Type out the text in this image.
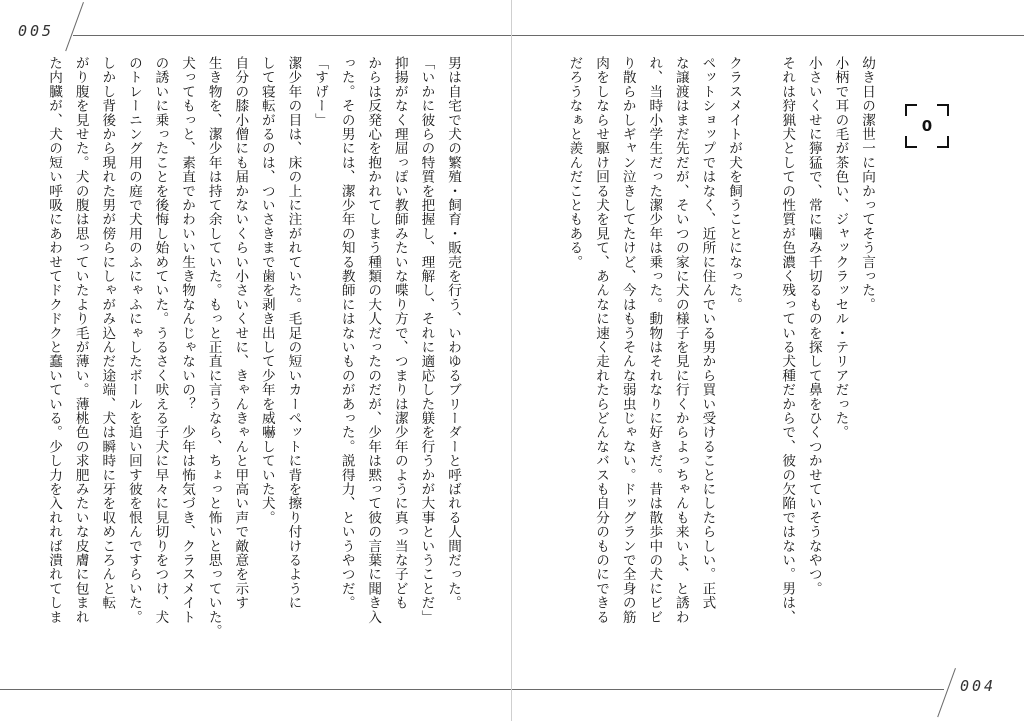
005
004
0

男は自宅で犬の繁殖・飼育・販売を行う、いわゆるブリーダーと呼ばれる人間だった。

「いかに彼らの特質を把握し、理解し、それに適応した躾を行うかが大事ということだ」

抑揚がなく理屈っぽい教師みたいな喋り方で、つまりは潔少年のように真っ当な子ども

からは反発心を抱かれてしまう種類の大人だったのだが、少年は黙って彼の言葉に聞き入

った。その男には、潔少年の知る教師にはないものがあった。説得力、というやつだ。

「すげー」

潔少年の目は、床の上に注がれていた。毛足の短いカーペットに背を擦り付けるように

して寝転がるのは、ついさきまで歯を剥き出して少年を威嚇していた犬。

自分の膝小僧にも届かないくらい小さいくせに、きゃんきゃんと甲高い声で敵意を示す

生き物を、潔少年は持て余していた。もっと正直に言うなら、ちょっと怖いと思っていた。

犬ってもっと、素直でかわいい生き物なんじゃないの？　少年は怖気づき、クラスメイト

の誘いに乗ったことを後悔し始めていた。うるさく吠える子犬に早々に見切りをつけ、犬

のトレーニング用の庭で犬用のふにゃふにゃしたボールを追い回す彼を恨んですらいた。

しかし背後から現れた男が傍らにしゃがみ込んだ途端、犬は瞬時に牙を収めころんと転

がり腹を見せた。犬の腹は思っていたより毛が薄い。薄桃色の求肥みたいな皮膚に包まれ

た内臓が、犬の短い呼吸にあわせてドクドクと蠢いている。少し力を入れれば潰れてしま	幼き日の潔世一に向かってそう言った。

小柄で耳の毛が茶色い、ジャックラッセル・テリアだった。

小さいくせに獰猛で、常に噛み千切るものを探して鼻をひくつかせていそうなやつ。

それは狩猟犬としての性質が色濃く残っている犬種だからで、彼の欠陥ではない。男は、

クラスメイトが犬を飼うことになった。

ペットショップではなく、近所に住んでいる男から買い受けることにしたらしい。正式

な譲渡はまだ先だが、そいつの家に犬の様子を見に行くからよっちゃんも来いよ、と誘わ

れ、当時小学生だった潔少年は乗った。動物はそれなりに好きだ。昔は散歩中の犬にビビ

り散らかしギャン泣きしてたけど、今はもうそんな弱虫じゃない。ドッグランで全身の筋

肉をしならせ駆け回る犬を見て、あんなに速く走れたらどんなバスも自分のものにできる

だろうなぁと羨んだこともある。
